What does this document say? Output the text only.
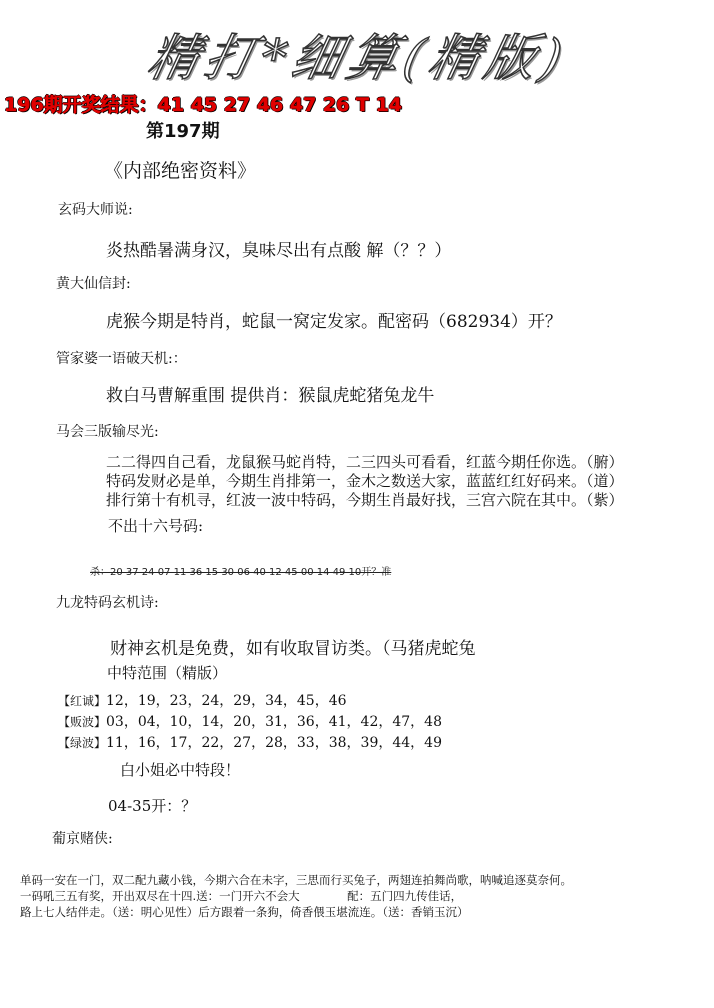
精打*细算(精版)
196期开奖结果：41 45 27 46 47 26 T 14
第197期
《内部绝密资料》
玄码大师说:
炎热酷暑满身汉，臭味尽出有点酸 解（？？）
黄大仙信封:
虎猴今期是特肖，蛇鼠一窝定发家。配密码（682934）开？
管家婆一语破天机:：
救白马曹解重围 提供肖：猴鼠虎蛇猪兔龙牛
马会三版输尽光:
二二得四自己看，龙鼠猴马蛇肖特，二三四头可看看，红蓝今期任你选。（腑）
特码发财必是单，今期生肖排第一，金木之数送大家，蓝蓝红红好码来。（道）
排行第十有机寻，红波一波中特码，今期生肖最好找，三宫六院在其中。（紫）
不出十六号码:
杀：20 37 24 07 11 36 15 30 06 40 12 45 00 14 49 10开？准
九龙特码玄机诗:
财神玄机是免费，如有收取冒访类。（马猪虎蛇兔
中特范围（精版）
【红诚】12，19，23，24，29，34，45，46
【贩波】03，04，10，14，20，31，36，41，42，47，48
【绿波】11，16，17，22，27，28，33，38，39，44，49
白小姐必中特段！
04-35开：？
葡京赌侠:
单码一安在一门，双二配九藏小钱，今期六合在未字，三思而行买兔子，两翅连拍舞尚歌，呐喊追逐莫奈何。
一码吼三五有奖，开出双尽在十四.送：一门开六不会大             配：五门四九传佳话，
路上七人结伴走。（送：明心见性）后方跟着一条狗，倚香偎玉堪流连。（送：香销玉沉）
